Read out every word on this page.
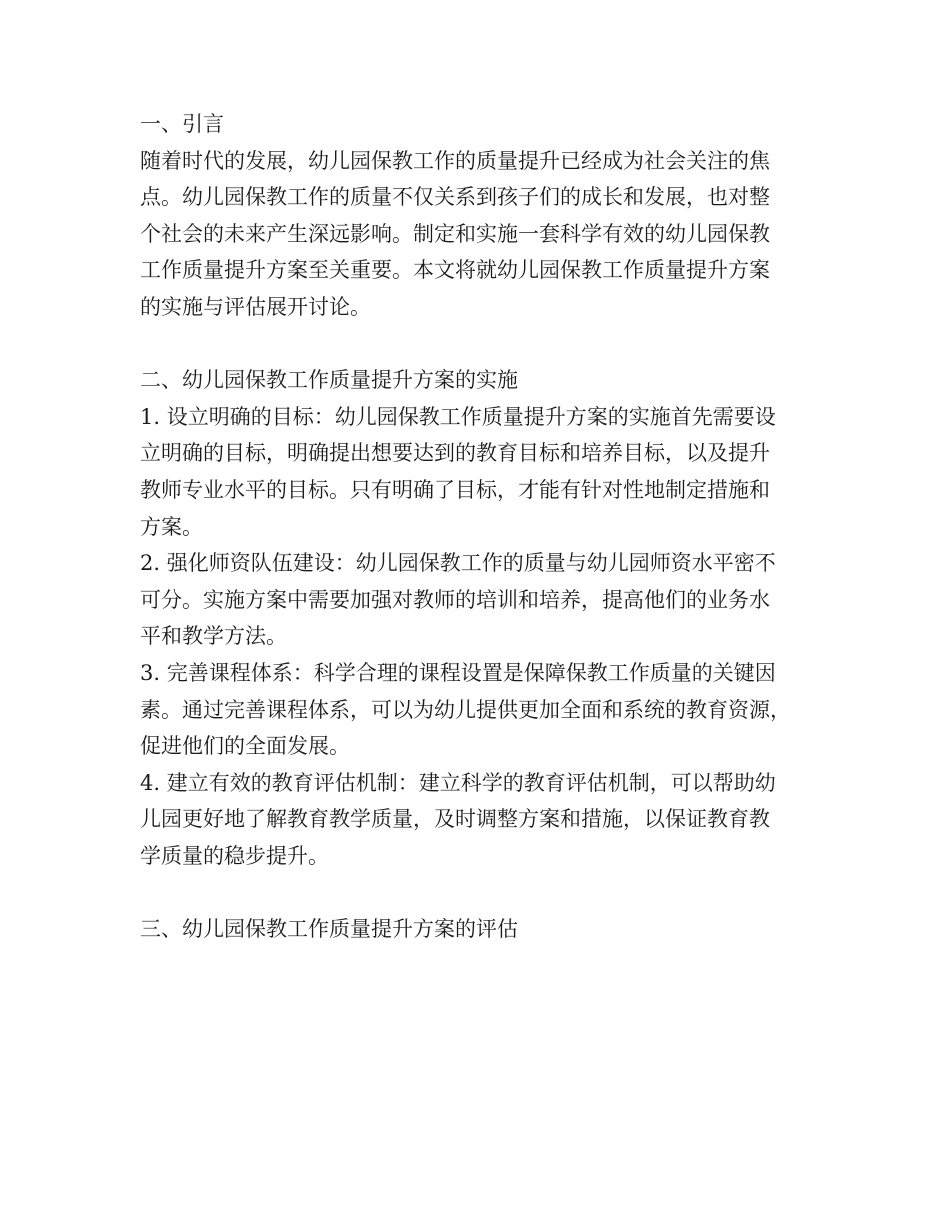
一、引言
随着时代的发展，幼儿园保教工作的质量提升已经成为社会关注的焦
点。幼儿园保教工作的质量不仅关系到孩子们的成长和发展，也对整
个社会的未来产生深远影响。制定和实施一套科学有效的幼儿园保教
工作质量提升方案至关重要。本文将就幼儿园保教工作质量提升方案
的实施与评估展开讨论。
二、幼儿园保教工作质量提升方案的实施
1. 设立明确的目标：幼儿园保教工作质量提升方案的实施首先需要设
立明确的目标，明确提出想要达到的教育目标和培养目标，以及提升
教师专业水平的目标。只有明确了目标，才能有针对性地制定措施和
方案。
2. 强化师资队伍建设：幼儿园保教工作的质量与幼儿园师资水平密不
可分。实施方案中需要加强对教师的培训和培养，提高他们的业务水
平和教学方法。
3. 完善课程体系：科学合理的课程设置是保障保教工作质量的关键因
素。通过完善课程体系，可以为幼儿提供更加全面和系统的教育资源，
促进他们的全面发展。
4. 建立有效的教育评估机制：建立科学的教育评估机制，可以帮助幼
儿园更好地了解教育教学质量，及时调整方案和措施，以保证教育教
学质量的稳步提升。
三、幼儿园保教工作质量提升方案的评估
